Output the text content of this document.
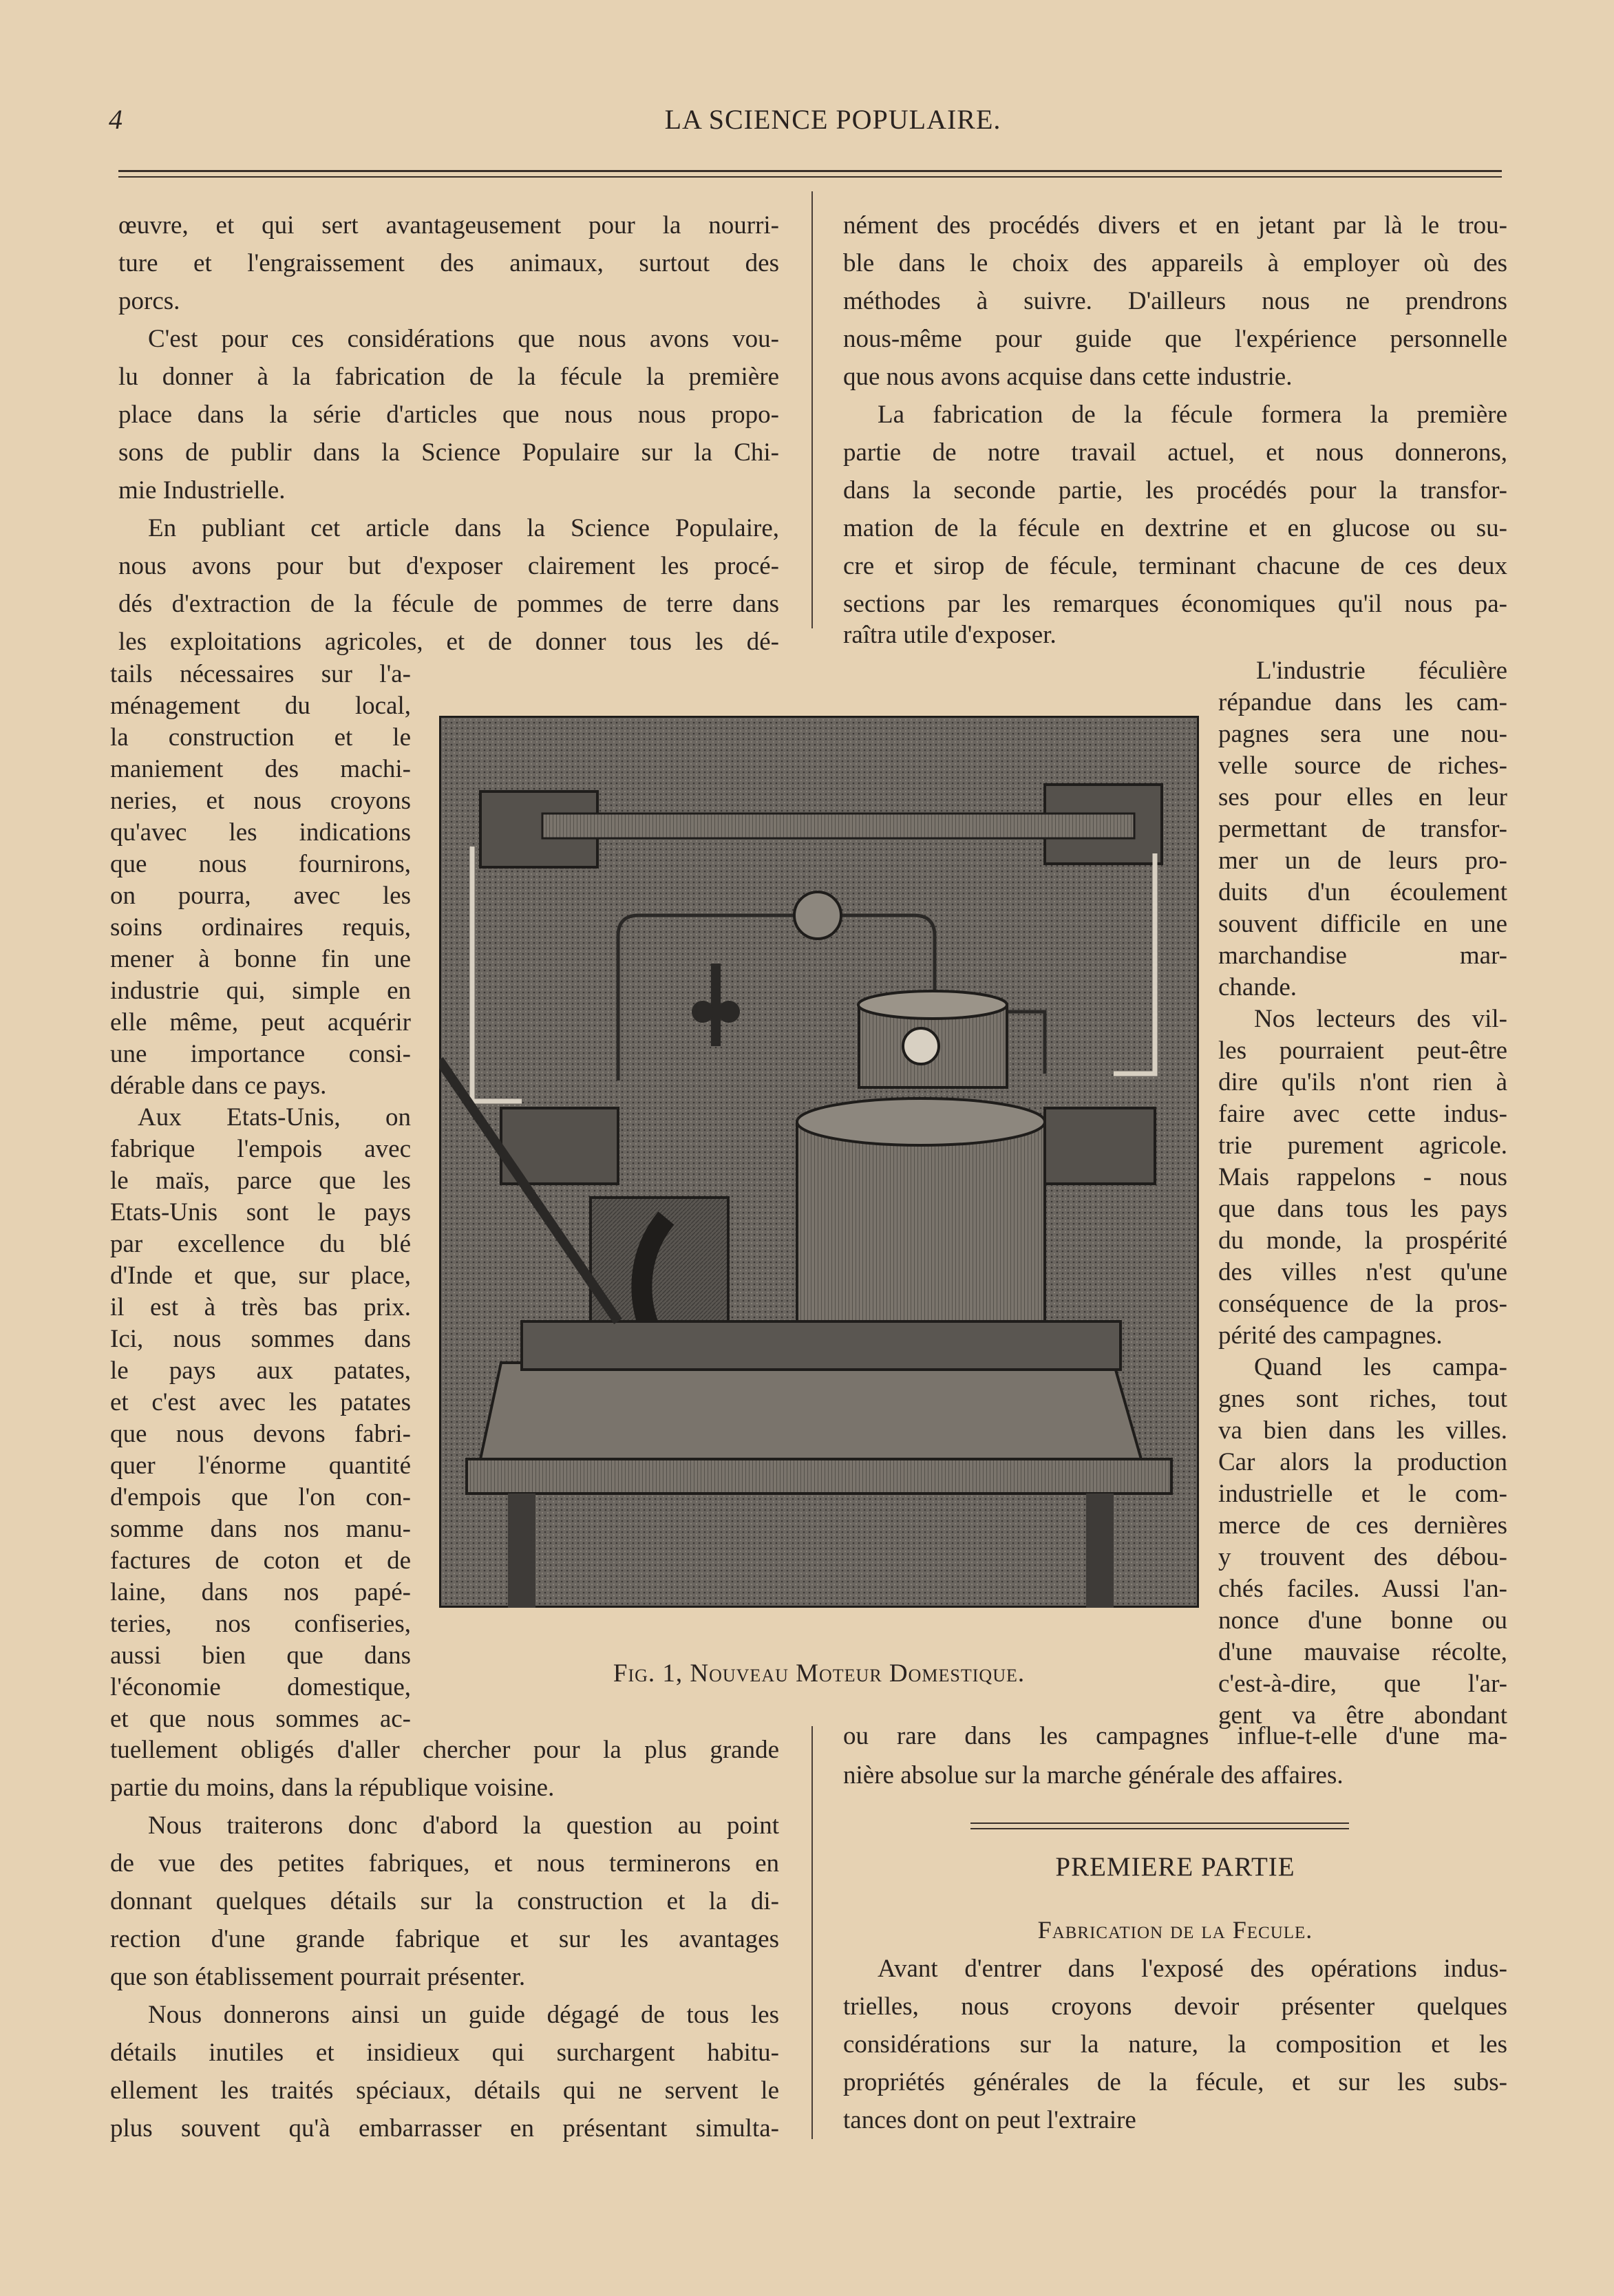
4	LA SCIENCE POPULAIRE.
œuvre, et qui sert avantageusement pour la nourri-
ture et l'engraissement des animaux, surtout des
porcs.
C'est pour ces considérations que nous avons vou-
lu donner à la fabrication de la fécule la première
place dans la série d'articles que nous nous propo-
sons de publir dans la Science Populaire sur la Chi-
mie Industrielle.
En publiant cet article dans la Science Populaire,
nous avons pour but d'exposer clairement les procé-
dés d'extraction de la fécule de pommes de terre dans
les exploitations agricoles, et de donner tous les dé-
tails nécessaires sur l'a-
ménagement du local,
la construction et le
maniement des machi-
neries, et nous croyons
qu'avec les indications
que nous fournirons,
on pourra, avec les
soins ordinaires requis,
mener à bonne fin une
industrie qui, simple en
elle même, peut acquérir
une importance consi-
dérable dans ce pays.
Aux Etats-Unis, on
fabrique l'empois avec
le maïs, parce que les
Etats-Unis sont le pays
par excellence du blé
d'Inde et que, sur place,
il est à très bas prix.
Ici, nous sommes dans
le pays aux patates,
et c'est avec les patates
que nous devons fabri-
quer l'énorme quantité
d'empois que l'on con-
somme dans nos manu-
factures de coton et de
laine, dans nos papé-
teries, nos confiseries,
aussi bien que dans
l'économie domestique,
et que nous sommes ac-
tuellement obligés d'aller chercher pour la plus grande
partie du moins, dans la république voisine.
Nous traiterons donc d'abord la question au point
de vue des petites fabriques, et nous terminerons en
donnant quelques détails sur la construction et la di-
rection d'une grande fabrique et sur les avantages
que son établissement pourrait présenter.
Nous donnerons ainsi un guide dégagé de tous les
détails inutiles et insidieux qui surchargent habitu-
ellement les traités spéciaux, détails qui ne servent le
plus souvent qu'à embarrasser en présentant simulta-
nément des procédés divers et en jetant par là le trou-
ble dans le choix des appareils à employer où des
méthodes à suivre. D'ailleurs nous ne prendrons
nous-même pour guide que l'expérience personnelle
que nous avons acquise dans cette industrie.
La fabrication de la fécule formera la première
partie de notre travail actuel, et nous donnerons,
dans la seconde partie, les procédés pour la transfor-
mation de la fécule en dextrine et en glucose ou su-
cre et sirop de fécule, terminant chacune de ces deux
sections par les remarques économiques qu'il nous pa-
raîtra utile d'exposer.
L'industrie féculière
répandue dans les cam-
pagnes sera une nou-
velle source de riches-
ses pour elles en leur
permettant de transfor-
mer un de leurs pro-
duits d'un écoulement
souvent difficile en une
marchandise mar-
chande.
Nos lecteurs des vil-
les pourraient peut-être
dire qu'ils n'ont rien à
faire avec cette indus-
trie purement agricole.
Mais rappelons - nous
que dans tous les pays
du monde, la prospérité
des villes n'est qu'une
conséquence de la pros-
périté des campagnes.
Quand les campa-
gnes sont riches, tout
va bien dans les villes.
Car alors la production
industrielle et le com-
merce de ces dernières
y trouvent des débou-
chés faciles. Aussi l'an-
nonce d'une bonne ou
d'une mauvaise récolte,
c'est-à-dire, que l'ar-
gent va être abondant
ou rare dans les campagnes influe-t-elle d'une ma-
nière absolue sur la marche générale des affaires.
PREMIERE PARTIE
Fabrication de la Fecule.
Avant d'entrer dans l'exposé des opérations indus-
trielles, nous croyons devoir présenter quelques
considérations sur la nature, la composition et les
propriétés générales de la fécule, et sur les subs-
tances dont on peut l'extraire
Fig. 1, Nouveau Moteur Domestique.
